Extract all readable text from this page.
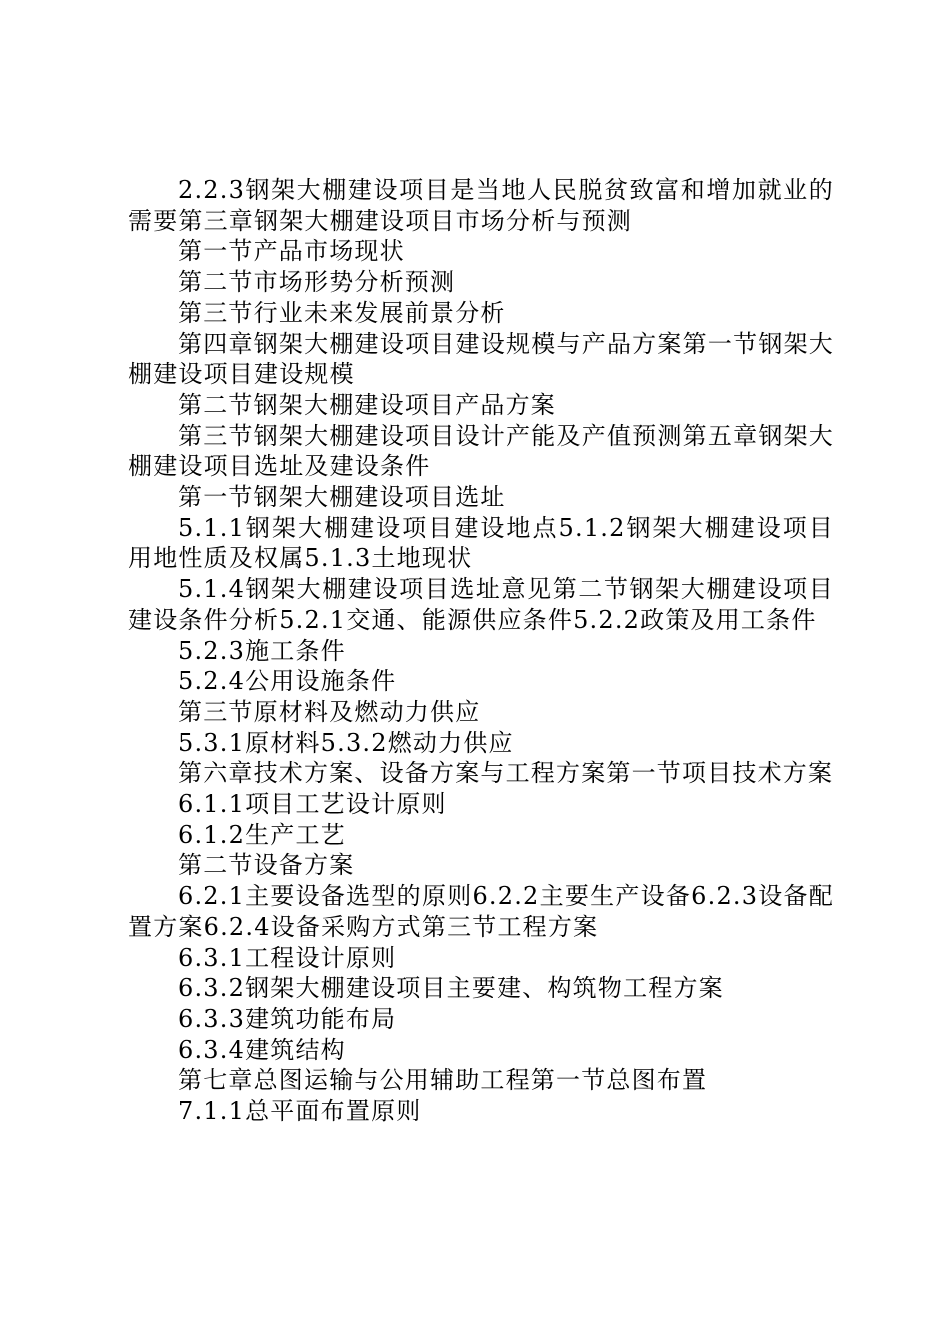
2.2.3钢架大棚建设项目是当地人民脱贫致富和增加就业的需要第三章钢架大棚建设项目市场分析与预测

第一节产品市场现状

第二节市场形势分析预测

第三节行业未来发展前景分析

第四章钢架大棚建设项目建设规模与产品方案第一节钢架大棚建设项目建设规模

第二节钢架大棚建设项目产品方案

第三节钢架大棚建设项目设计产能及产值预测第五章钢架大棚建设项目选址及建设条件

第一节钢架大棚建设项目选址

5.1.1钢架大棚建设项目建设地点5.1.2钢架大棚建设项目用地性质及权属5.1.3土地现状

5.1.4钢架大棚建设项目选址意见第二节钢架大棚建设项目建设条件分析5.2.1交通、能源供应条件5.2.2政策及用工条件

5.2.3施工条件

5.2.4公用设施条件

第三节原材料及燃动力供应

5.3.1原材料5.3.2燃动力供应

第六章技术方案、设备方案与工程方案第一节项目技术方案

6.1.1项目工艺设计原则

6.1.2生产工艺

第二节设备方案

6.2.1主要设备选型的原则6.2.2主要生产设备6.2.3设备配置方案6.2.4设备采购方式第三节工程方案

6.3.1工程设计原则

6.3.2钢架大棚建设项目主要建、构筑物工程方案

6.3.3建筑功能布局

6.3.4建筑结构

第七章总图运输与公用辅助工程第一节总图布置

7.1.1总平面布置原则
